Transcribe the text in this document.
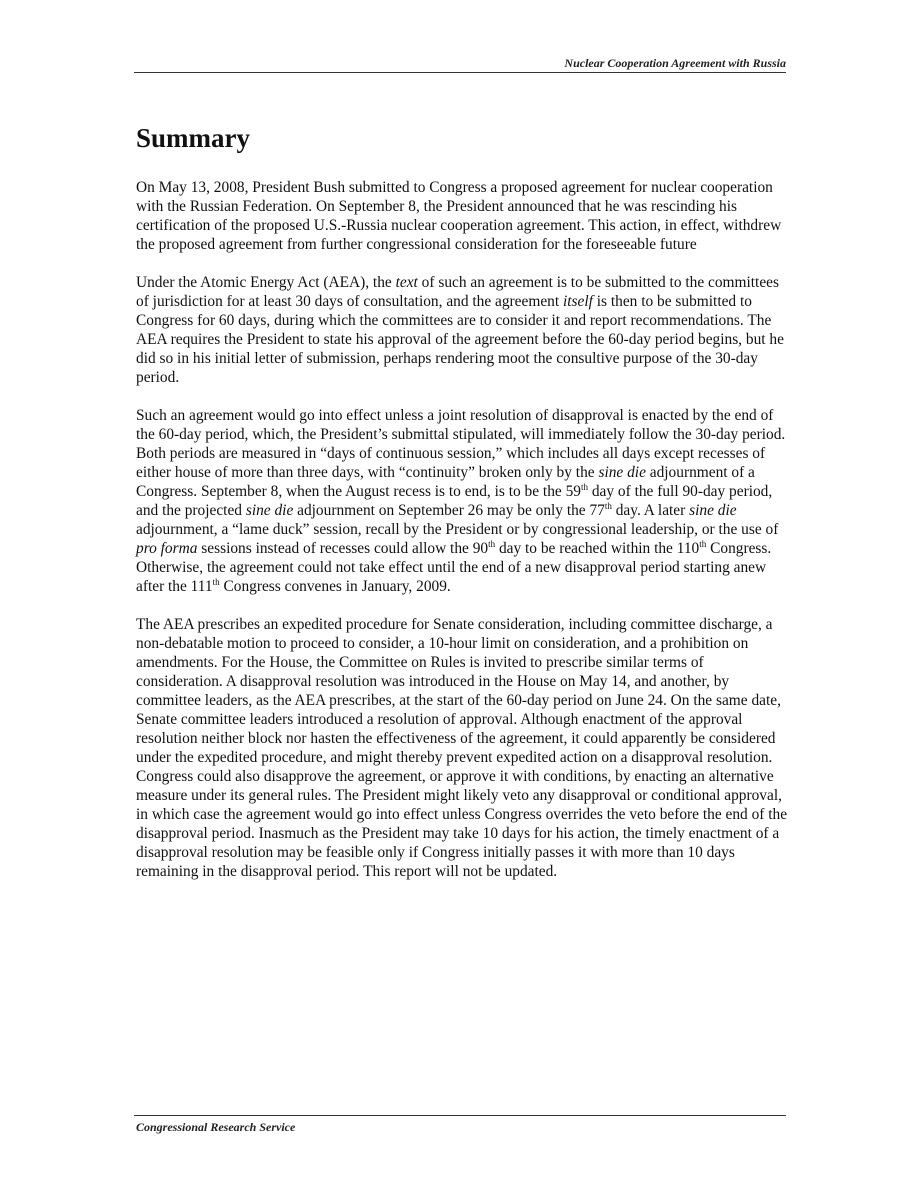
Nuclear Cooperation Agreement with Russia
Summary

On May 13, 2008, President Bush submitted to Congress a proposed agreement for nuclear cooperation with the Russian Federation. On September 8, the President announced that he was rescinding his certification of the proposed U.S.-Russia nuclear cooperation agreement. This action, in effect, withdrew the proposed agreement from further congressional consideration for the foreseeable future

Under the Atomic Energy Act (AEA), the text of such an agreement is to be submitted to the committees of jurisdiction for at least 30 days of consultation, and the agreement itself is then to be submitted to Congress for 60 days, during which the committees are to consider it and report recommendations. The AEA requires the President to state his approval of the agreement before the 60-day period begins, but he did so in his initial letter of submission, perhaps rendering moot the consultive purpose of the 30-day period.

Such an agreement would go into effect unless a joint resolution of disapproval is enacted by the end of the 60-day period, which, the President’s submittal stipulated, will immediately follow the 30-day period. Both periods are measured in “days of continuous session,” which includes all days except recesses of either house of more than three days, with “continuity” broken only by the sine die adjournment of a Congress. September 8, when the August recess is to end, is to be the 59th day of the full 90-day period, and the projected sine die adjournment on September 26 may be only the 77th day. A later sine die adjournment, a “lame duck” session, recall by the President or by congressional leadership, or the use of pro forma sessions instead of recesses could allow the 90th day to be reached within the 110th Congress. Otherwise, the agreement could not take effect until the end of a new disapproval period starting anew after the 111th Congress convenes in January, 2009.

The AEA prescribes an expedited procedure for Senate consideration, including committee discharge, a non-debatable motion to proceed to consider, a 10-hour limit on consideration, and a prohibition on amendments. For the House, the Committee on Rules is invited to prescribe similar terms of consideration. A disapproval resolution was introduced in the House on May 14, and another, by committee leaders, as the AEA prescribes, at the start of the 60-day period on June 24. On the same date, Senate committee leaders introduced a resolution of approval. Although enactment of the approval resolution neither block nor hasten the effectiveness of the agreement, it could apparently be considered under the expedited procedure, and might thereby prevent expedited action on a disapproval resolution. Congress could also disapprove the agreement, or approve it with conditions, by enacting an alternative measure under its general rules. The President might likely veto any disapproval or conditional approval, in which case the agreement would go into effect unless Congress overrides the veto before the end of the disapproval period. Inasmuch as the President may take 10 days for his action, the timely enactment of a disapproval resolution may be feasible only if Congress initially passes it with more than 10 days remaining in the disapproval period. This report will not be updated.

Congressional Research Service
